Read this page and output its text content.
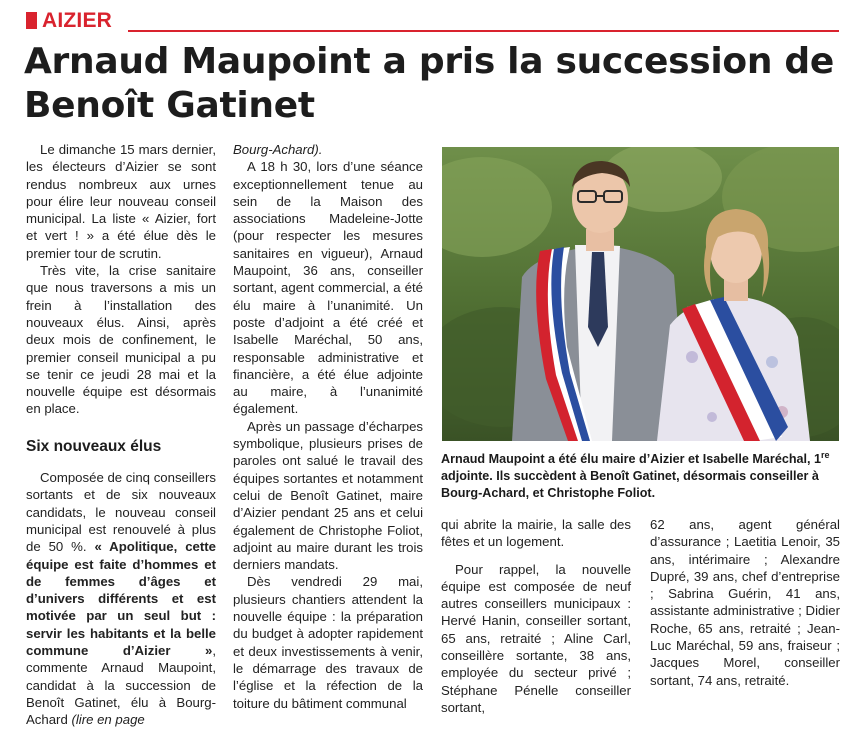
AIZIER
Arnaud Maupoint a pris la succession de Benoît Gatinet

Le dimanche 15 mars dernier, les électeurs d’Aizier se sont rendus nombreux aux urnes pour élire leur nouveau conseil municipal. La liste « Aizier, fort et vert ! » a été élue dès le premier tour de scrutin.

Très vite, la crise sanitaire que nous traversons a mis un frein à l’installation des nouveaux élus. Ainsi, après deux mois de confinement, le premier conseil municipal a pu se tenir ce jeudi 28 mai et la nouvelle équipe est désormais en place.

Six nouveaux élus

Composée de cinq conseillers sortants et de six nouveaux candidats, le nouveau conseil municipal est renouvelé à plus de 50 %. « Apolitique, cette équipe est faite d’hommes et de femmes d’âges et d’univers différents et est motivée par un seul but : servir les habitants et la belle commune d’Aizier », commente Arnaud Maupoint, candidat à la succession de Benoît Gatinet, élu à Bourg-Achard (lire en page

Bourg-Achard).

A 18 h 30, lors d’une séance exceptionnellement tenue au sein de la Maison des associations Madeleine-Jotte (pour respecter les mesures sanitaires en vigueur), Arnaud Maupoint, 36 ans, conseiller sortant, agent commercial, a été élu maire à l’unanimité. Un poste d’adjoint a été créé et Isabelle Maréchal, 50 ans, responsable administrative et financière, a été élue adjointe au maire, à l’unanimité également.

Après un passage d’écharpes symbolique, plusieurs prises de paroles ont salué le travail des équipes sortantes et notamment celui de Benoît Gatinet, maire d’Aizier pendant 25 ans et celui également de Christophe Foliot, adjoint au maire durant les trois derniers mandats.

Dès vendredi 29 mai, plusieurs chantiers attendent la nouvelle équipe : la préparation du budget à adopter rapidement et deux investissements à venir, le démarrage des travaux de l’église et la réfection de la toiture du bâtiment communal

Arnaud Maupoint a été élu maire d’Aizier et Isabelle Maréchal, 1re adjointe. Ils succèdent à Benoît Gatinet, désormais conseiller à Bourg-Achard, et Christophe Foliot.

qui abrite la mairie, la salle des fêtes et un logement.

Pour rappel, la nouvelle équipe est composée de neuf autres conseillers municipaux : Hervé Hanin, conseiller sortant, 65 ans, retraité ; Aline Carl, conseillère sortante, 38 ans, employée du secteur privé ; Stéphane Pénelle conseiller sortant,

62 ans, agent général d’assurance ; Laetitia Lenoir, 35 ans, intérimaire ; Alexandre Dupré, 39 ans, chef d’entreprise ; Sabrina Guérin, 41 ans, assistante administrative ; Didier Roche, 65 ans, retraité ; Jean-Luc Maréchal, 59 ans, fraiseur ; Jacques Morel, conseiller sortant, 74 ans, retraité.
